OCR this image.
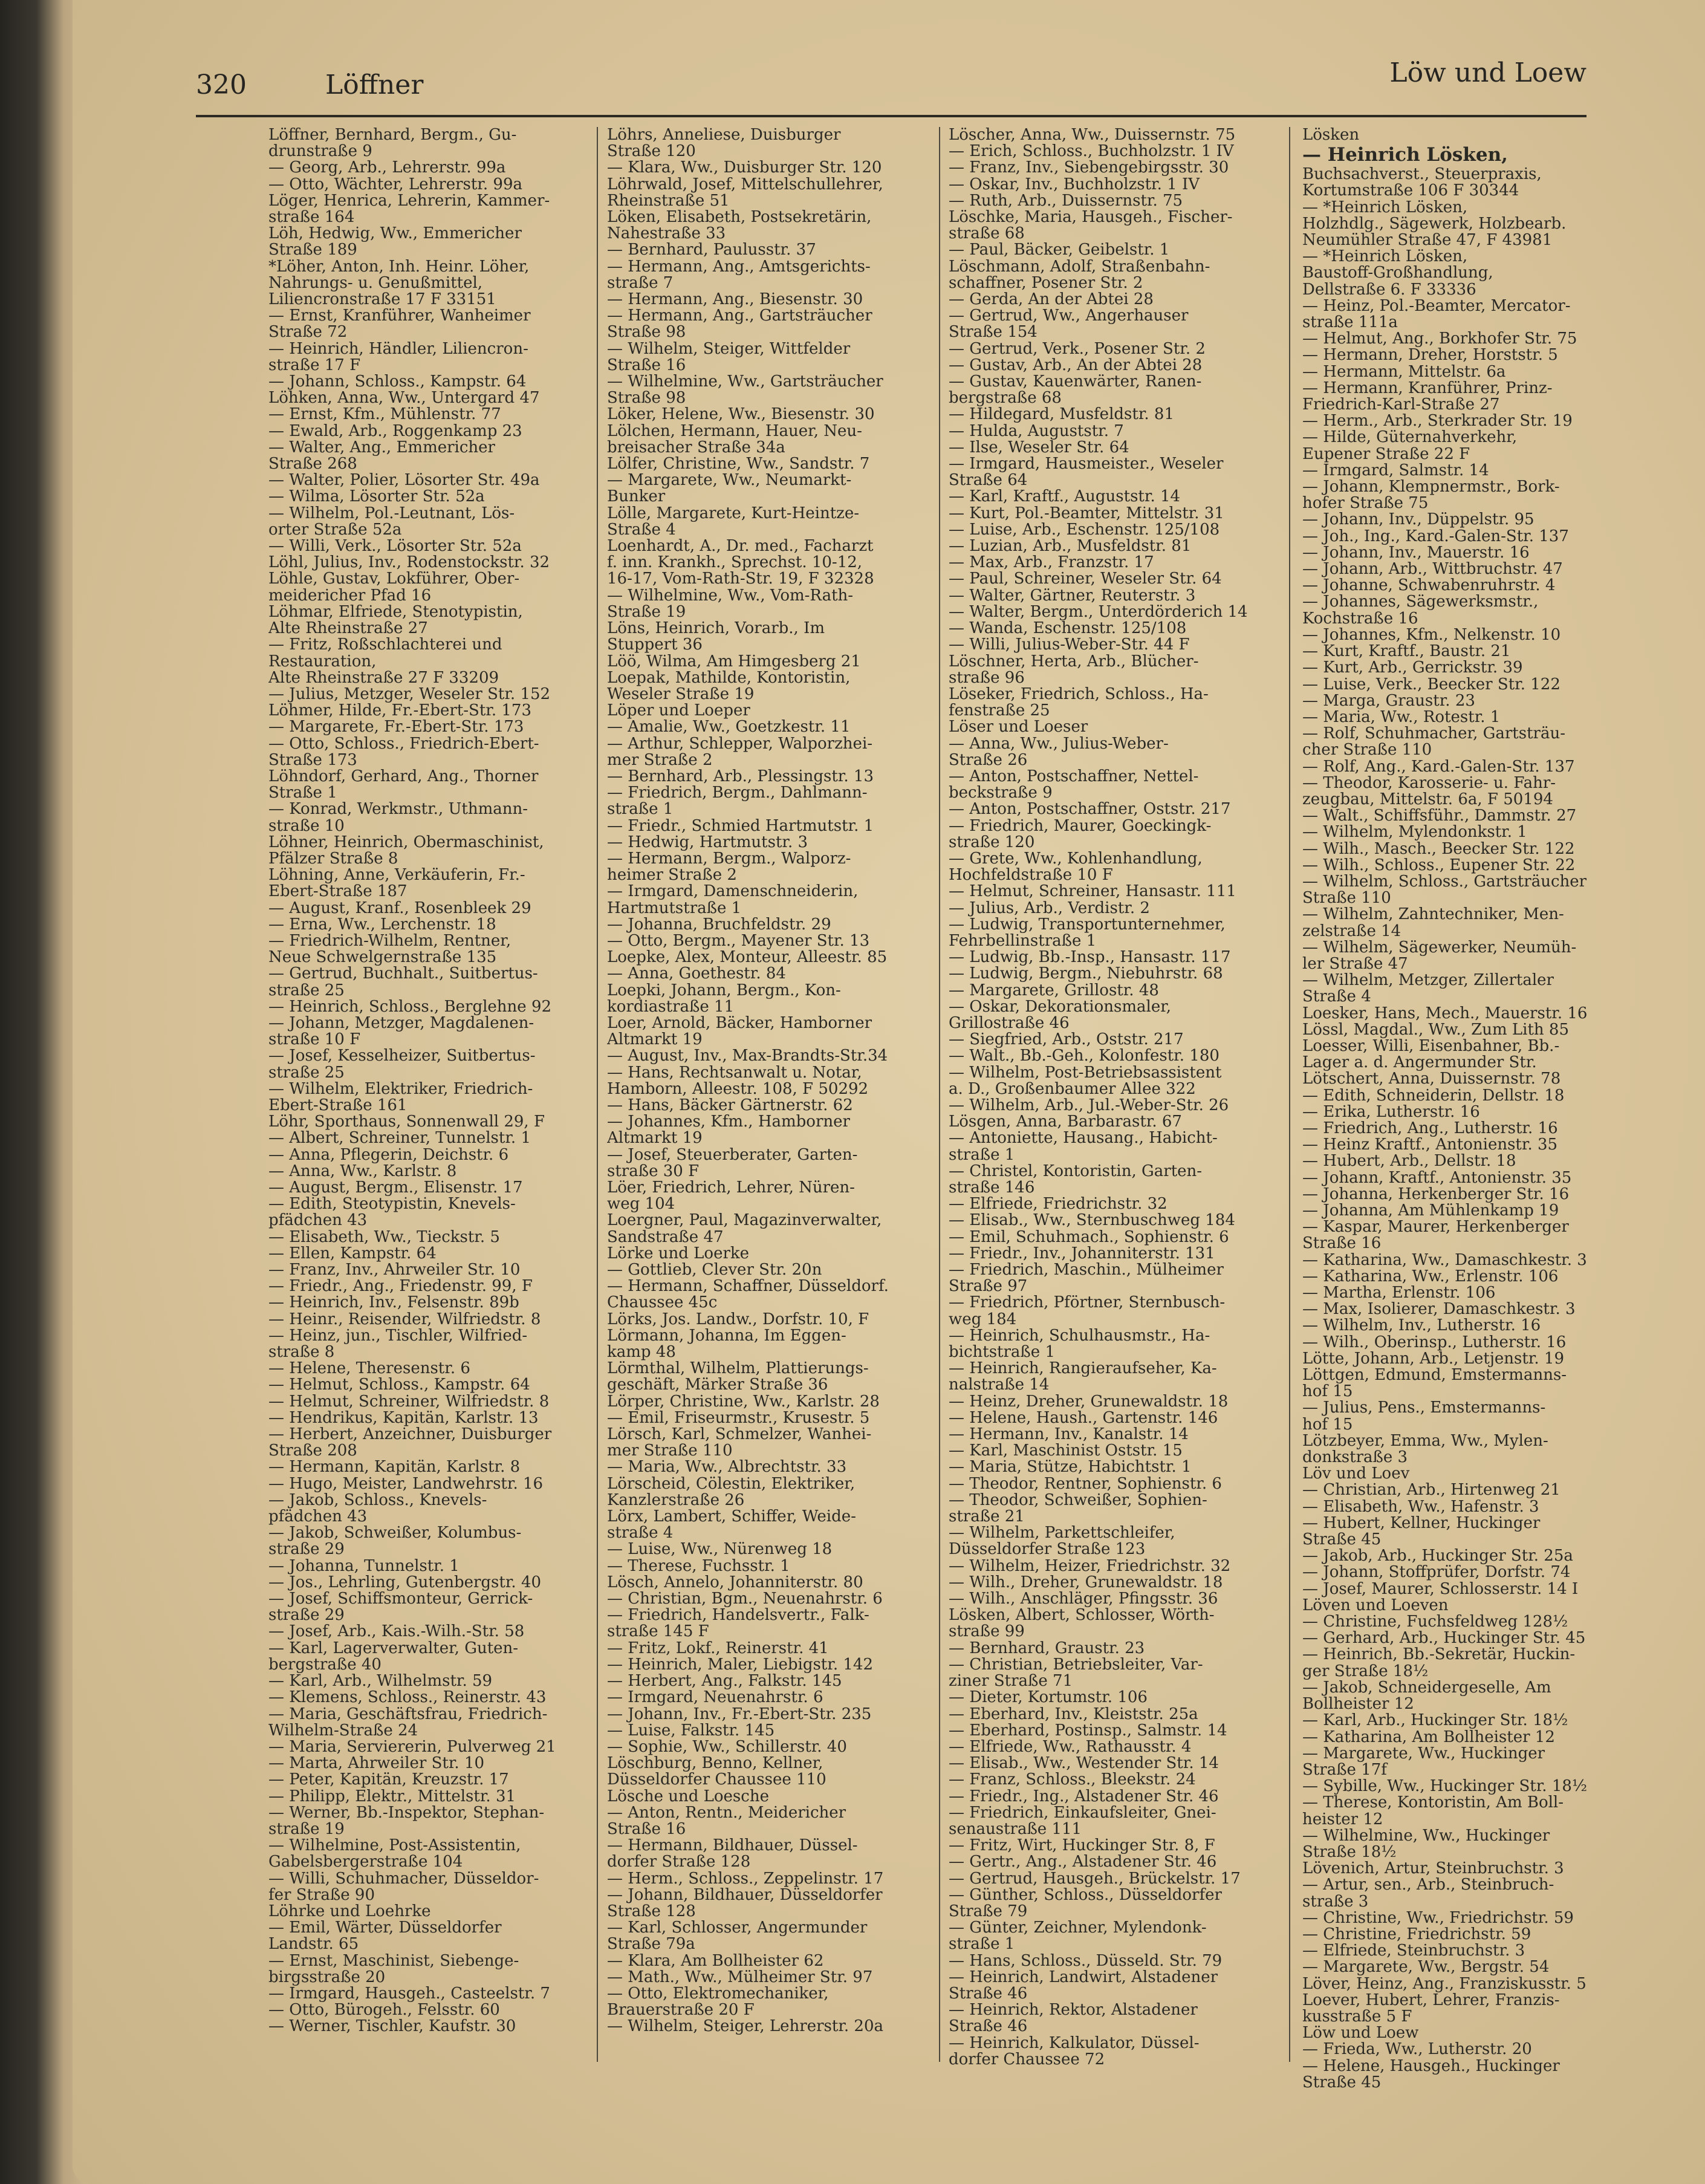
320	Löffner	Löw und Loew
Löffner, Bernhard, Bergm., Gu-
drunstraße 9
— Georg, Arb., Lehrerstr. 99a
— Otto, Wächter, Lehrerstr. 99a
Löger, Henrica, Lehrerin, Kammer-
straße 164
Löh, Hedwig, Ww., Emmericher
Straße 189
*Löher, Anton, Inh. Heinr. Löher,
Nahrungs- u. Genußmittel,
Liliencronstraße 17 F 33151
— Ernst, Kranführer, Wanheimer
Straße 72
— Heinrich, Händler, Liliencron-
straße 17 F
— Johann, Schloss., Kampstr. 64
Löhken, Anna, Ww., Untergard 47
— Ernst, Kfm., Mühlenstr. 77
— Ewald, Arb., Roggenkamp 23
— Walter, Ang., Emmericher
Straße 268
— Walter, Polier, Lösorter Str. 49a
— Wilma, Lösorter Str. 52a
— Wilhelm, Pol.-Leutnant, Lös-
orter Straße 52a
— Willi, Verk., Lösorter Str. 52a
Löhl, Julius, Inv., Rodenstockstr. 32
Löhle, Gustav, Lokführer, Ober-
meidericher Pfad 16
Löhmar, Elfriede, Stenotypistin,
Alte Rheinstraße 27
— Fritz, Roßschlachterei und
Restauration,
Alte Rheinstraße 27 F 33209
— Julius, Metzger, Weseler Str. 152
Löhmer, Hilde, Fr.-Ebert-Str. 173
— Margarete, Fr.-Ebert-Str. 173
— Otto, Schloss., Friedrich-Ebert-
Straße 173
Löhndorf, Gerhard, Ang., Thorner
Straße 1
— Konrad, Werkmstr., Uthmann-
straße 10
Löhner, Heinrich, Obermaschinist,
Pfälzer Straße 8
Löhning, Anne, Verkäuferin, Fr.-
Ebert-Straße 187
— August, Kranf., Rosenbleek 29
— Erna, Ww., Lerchenstr. 18
— Friedrich-Wilhelm, Rentner,
Neue Schwelgernstraße 135
— Gertrud, Buchhalt., Suitbertus-
straße 25
— Heinrich, Schloss., Berglehne 92
— Johann, Metzger, Magdalenen-
straße 10 F
— Josef, Kesselheizer, Suitbertus-
straße 25
— Wilhelm, Elektriker, Friedrich-
Ebert-Straße 161
Löhr, Sporthaus, Sonnenwall 29, F
— Albert, Schreiner, Tunnelstr. 1
— Anna, Pflegerin, Deichstr. 6
— Anna, Ww., Karlstr. 8
— August, Bergm., Elisenstr. 17
— Edith, Steotypistin, Knevels-
pfädchen 43
— Elisabeth, Ww., Tieckstr. 5
— Ellen, Kampstr. 64
— Franz, Inv., Ahrweiler Str. 10
— Friedr., Ang., Friedenstr. 99, F
— Heinrich, Inv., Felsenstr. 89b
— Heinr., Reisender, Wilfriedstr. 8
— Heinz, jun., Tischler, Wilfried-
straße 8
— Helene, Theresenstr. 6
— Helmut, Schloss., Kampstr. 64
— Helmut, Schreiner, Wilfriedstr. 8
— Hendrikus, Kapitän, Karlstr. 13
— Herbert, Anzeichner, Duisburger
Straße 208
— Hermann, Kapitän, Karlstr. 8
— Hugo, Meister, Landwehrstr. 16
— Jakob, Schloss., Knevels-
pfädchen 43
— Jakob, Schweißer, Kolumbus-
straße 29
— Johanna, Tunnelstr. 1
— Jos., Lehrling, Gutenbergstr. 40
— Josef, Schiffsmonteur, Gerrick-
straße 29
— Josef, Arb., Kais.-Wilh.-Str. 58
— Karl, Lagerverwalter, Guten-
bergstraße 40
— Karl, Arb., Wilhelmstr. 59
— Klemens, Schloss., Reinerstr. 43
— Maria, Geschäftsfrau, Friedrich-
Wilhelm-Straße 24
— Maria, Serviererin, Pulverweg 21
— Marta, Ahrweiler Str. 10
— Peter, Kapitän, Kreuzstr. 17
— Philipp, Elektr., Mittelstr. 31
— Werner, Bb.-Inspektor, Stephan-
straße 19
— Wilhelmine, Post-Assistentin,
Gabelsbergerstraße 104
— Willi, Schuhmacher, Düsseldor-
fer Straße 90
Löhrke und Loehrke
— Emil, Wärter, Düsseldorfer
Landstr. 65
— Ernst, Maschinist, Siebenge-
birgsstraße 20
— Irmgard, Hausgeh., Casteelstr. 7
— Otto, Bürogeh., Felsstr. 60
— Werner, Tischler, Kaufstr. 30
Löhrs, Anneliese, Duisburger
Straße 120
— Klara, Ww., Duisburger Str. 120
Löhrwald, Josef, Mittelschullehrer,
Rheinstraße 51
Löken, Elisabeth, Postsekretärin,
Nahestraße 33
— Bernhard, Paulusstr. 37
— Hermann, Ang., Amtsgerichts-
straße 7
— Hermann, Ang., Biesenstr. 30
— Hermann, Ang., Gartsträucher
Straße 98
— Wilhelm, Steiger, Wittfelder
Straße 16
— Wilhelmine, Ww., Gartsträucher
Straße 98
Löker, Helene, Ww., Biesenstr. 30
Lölchen, Hermann, Hauer, Neu-
breisacher Straße 34a
Lölfer, Christine, Ww., Sandstr. 7
— Margarete, Ww., Neumarkt-
Bunker
Lölle, Margarete, Kurt-Heintze-
Straße 4
Loenhardt, A., Dr. med., Facharzt
f. inn. Krankh., Sprechst. 10-12,
16-17, Vom-Rath-Str. 19, F 32328
— Wilhelmine, Ww., Vom-Rath-
Straße 19
Löns, Heinrich, Vorarb., Im
Stuppert 36
Löö, Wilma, Am Himgesberg 21
Loepak, Mathilde, Kontoristin,
Weseler Straße 19
Löper und Loeper
— Amalie, Ww., Goetzkestr. 11
— Arthur, Schlepper, Walporzhei-
mer Straße 2
— Bernhard, Arb., Plessingstr. 13
— Friedrich, Bergm., Dahlmann-
straße 1
— Friedr., Schmied Hartmutstr. 1
— Hedwig, Hartmutstr. 3
— Hermann, Bergm., Walporz-
heimer Straße 2
— Irmgard, Damenschneiderin,
Hartmutstraße 1
— Johanna, Bruchfeldstr. 29
— Otto, Bergm., Mayener Str. 13
Loepke, Alex, Monteur, Alleestr. 85
— Anna, Goethestr. 84
Loepki, Johann, Bergm., Kon-
kordiastraße 11
Loer, Arnold, Bäcker, Hamborner
Altmarkt 19
— August, Inv., Max-Brandts-Str.34
— Hans, Rechtsanwalt u. Notar,
Hamborn, Alleestr. 108, F 50292
— Hans, Bäcker Gärtnerstr. 62
— Johannes, Kfm., Hamborner
Altmarkt 19
— Josef, Steuerberater, Garten-
straße 30 F
Löer, Friedrich, Lehrer, Nüren-
weg 104
Loergner, Paul, Magazinverwalter,
Sandstraße 47
Lörke und Loerke
— Gottlieb, Clever Str. 20n
— Hermann, Schaffner, Düsseldorf.
Chaussee 45c
Lörks, Jos. Landw., Dorfstr. 10, F
Lörmann, Johanna, Im Eggen-
kamp 48
Lörmthal, Wilhelm, Plattierungs-
geschäft, Märker Straße 36
Lörper, Christine, Ww., Karlstr. 28
— Emil, Friseurmstr., Krusestr. 5
Lörsch, Karl, Schmelzer, Wanhei-
mer Straße 110
— Maria, Ww., Albrechtstr. 33
Lörscheid, Cölestin, Elektriker,
Kanzlerstraße 26
Lörx, Lambert, Schiffer, Weide-
straße 4
— Luise, Ww., Nürenweg 18
— Therese, Fuchsstr. 1
Lösch, Annelo, Johanniterstr. 80
— Christian, Bgm., Neuenahrstr. 6
— Friedrich, Handelsvertr., Falk-
straße 145 F
— Fritz, Lokf., Reinerstr. 41
— Heinrich, Maler, Liebigstr. 142
— Herbert, Ang., Falkstr. 145
— Irmgard, Neuenahrstr. 6
— Johann, Inv., Fr.-Ebert-Str. 235
— Luise, Falkstr. 145
— Sophie, Ww., Schillerstr. 40
Löschburg, Benno, Kellner,
Düsseldorfer Chaussee 110
Lösche und Loesche
— Anton, Rentn., Meidericher
Straße 16
— Hermann, Bildhauer, Düssel-
dorfer Straße 128
— Herm., Schloss., Zeppelinstr. 17
— Johann, Bildhauer, Düsseldorfer
Straße 128
— Karl, Schlosser, Angermunder
Straße 79a
— Klara, Am Bollheister 62
— Math., Ww., Mülheimer Str. 97
— Otto, Elektromechaniker,
Brauerstraße 20 F
— Wilhelm, Steiger, Lehrerstr. 20a
Löscher, Anna, Ww., Duissernstr. 75
— Erich, Schloss., Buchholzstr. 1 IV
— Franz, Inv., Siebengebirgsstr. 30
— Oskar, Inv., Buchholzstr. 1 IV
— Ruth, Arb., Duissernstr. 75
Löschke, Maria, Hausgeh., Fischer-
straße 68
— Paul, Bäcker, Geibelstr. 1
Löschmann, Adolf, Straßenbahn-
schaffner, Posener Str. 2
— Gerda, An der Abtei 28
— Gertrud, Ww., Angerhauser
Straße 154
— Gertrud, Verk., Posener Str. 2
— Gustav, Arb., An der Abtei 28
— Gustav, Kauenwärter, Ranen-
bergstraße 68
— Hildegard, Musfeldstr. 81
— Hulda, Auguststr. 7
— Ilse, Weseler Str. 64
— Irmgard, Hausmeister., Weseler
Straße 64
— Karl, Kraftf., Auguststr. 14
— Kurt, Pol.-Beamter, Mittelstr. 31
— Luise, Arb., Eschenstr. 125/108
— Luzian, Arb., Musfeldstr. 81
— Max, Arb., Franzstr. 17
— Paul, Schreiner, Weseler Str. 64
— Walter, Gärtner, Reuterstr. 3
— Walter, Bergm., Unterdörderich 14
— Wanda, Eschenstr. 125/108
— Willi, Julius-Weber-Str. 44 F
Löschner, Herta, Arb., Blücher-
straße 96
Löseker, Friedrich, Schloss., Ha-
fenstraße 25
Löser und Loeser
— Anna, Ww., Julius-Weber-
Straße 26
— Anton, Postschaffner, Nettel-
beckstraße 9
— Anton, Postschaffner, Oststr. 217
— Friedrich, Maurer, Goeckingk-
straße 120
— Grete, Ww., Kohlenhandlung,
Hochfeldstraße 10 F
— Helmut, Schreiner, Hansastr. 111
— Julius, Arb., Verdistr. 2
— Ludwig, Transportunternehmer,
Fehrbellinstraße 1
— Ludwig, Bb.-Insp., Hansastr. 117
— Ludwig, Bergm., Niebuhrstr. 68
— Margarete, Grillostr. 48
— Oskar, Dekorationsmaler,
Grillostraße 46
— Siegfried, Arb., Oststr. 217
— Walt., Bb.-Geh., Kolonfestr. 180
— Wilhelm, Post-Betriebsassistent
a. D., Großenbaumer Allee 322
— Wilhelm, Arb., Jul.-Weber-Str. 26
Lösgen, Anna, Barbarastr. 67
— Antoniette, Hausang., Habicht-
straße 1
— Christel, Kontoristin, Garten-
straße 146
— Elfriede, Friedrichstr. 32
— Elisab., Ww., Sternbuschweg 184
— Emil, Schuhmach., Sophienstr. 6
— Friedr., Inv., Johanniterstr. 131
— Friedrich, Maschin., Mülheimer
Straße 97
— Friedrich, Pförtner, Sternbusch-
weg 184
— Heinrich, Schulhausmstr., Ha-
bichtstraße 1
— Heinrich, Rangieraufseher, Ka-
nalstraße 14
— Heinz, Dreher, Grunewaldstr. 18
— Helene, Haush., Gartenstr. 146
— Hermann, Inv., Kanalstr. 14
— Karl, Maschinist Oststr. 15
— Maria, Stütze, Habichtstr. 1
— Theodor, Rentner, Sophienstr. 6
— Theodor, Schweißer, Sophien-
straße 21
— Wilhelm, Parkettschleifer,
Düsseldorfer Straße 123
— Wilhelm, Heizer, Friedrichstr. 32
— Wilh., Dreher, Grunewaldstr. 18
— Wilh., Anschläger, Pfingsstr. 36
Lösken, Albert, Schlosser, Wörth-
straße 99
— Bernhard, Graustr. 23
— Christian, Betriebsleiter, Var-
ziner Straße 71
— Dieter, Kortumstr. 106
— Eberhard, Inv., Kleiststr. 25a
— Eberhard, Postinsp., Salmstr. 14
— Elfriede, Ww., Rathausstr. 4
— Elisab., Ww., Westender Str. 14
— Franz, Schloss., Bleekstr. 24
— Friedr., Ing., Alstadener Str. 46
— Friedrich, Einkaufsleiter, Gnei-
senaustraße 111
— Fritz, Wirt, Huckinger Str. 8, F
— Gertr., Ang., Alstadener Str. 46
— Gertrud, Hausgeh., Brückelstr. 17
— Günther, Schloss., Düsseldorfer
Straße 79
— Günter, Zeichner, Mylendonk-
straße 1
— Hans, Schloss., Düsseld. Str. 79
— Heinrich, Landwirt, Alstadener
Straße 46
— Heinrich, Rektor, Alstadener
Straße 46
— Heinrich, Kalkulator, Düssel-
dorfer Chaussee 72
Lösken
— Heinrich Lösken,
Buchsachverst., Steuerpraxis,
Kortumstraße 106 F 30344
— *Heinrich Lösken,
Holzhdlg., Sägewerk, Holzbearb.
Neumühler Straße 47, F 43981
— *Heinrich Lösken,
Baustoff-Großhandlung,
Dellstraße 6. F 33336
— Heinz, Pol.-Beamter, Mercator-
straße 111a
— Helmut, Ang., Borkhofer Str. 75
— Hermann, Dreher, Horststr. 5
— Hermann, Mittelstr. 6a
— Hermann, Kranführer, Prinz-
Friedrich-Karl-Straße 27
— Herm., Arb., Sterkrader Str. 19
— Hilde, Güternahverkehr,
Eupener Straße 22 F
— Irmgard, Salmstr. 14
— Johann, Klempnermstr., Bork-
hofer Straße 75
— Johann, Inv., Düppelstr. 95
— Joh., Ing., Kard.-Galen-Str. 137
— Johann, Inv., Mauerstr. 16
— Johann, Arb., Wittbruchstr. 47
— Johanne, Schwabenruhrstr. 4
— Johannes, Sägewerksmstr.,
Kochstraße 16
— Johannes, Kfm., Nelkenstr. 10
— Kurt, Kraftf., Baustr. 21
— Kurt, Arb., Gerrickstr. 39
— Luise, Verk., Beecker Str. 122
— Marga, Graustr. 23
— Maria, Ww., Rotestr. 1
— Rolf, Schuhmacher, Gartsträu-
cher Straße 110
— Rolf, Ang., Kard.-Galen-Str. 137
— Theodor, Karosserie- u. Fahr-
zeugbau, Mittelstr. 6a, F 50194
— Walt., Schiffsführ., Dammstr. 27
— Wilhelm, Mylendonkstr. 1
— Wilh., Masch., Beecker Str. 122
— Wilh., Schloss., Eupener Str. 22
— Wilhelm, Schloss., Gartsträucher
Straße 110
— Wilhelm, Zahntechniker, Men-
zelstraße 14
— Wilhelm, Sägewerker, Neumüh-
ler Straße 47
— Wilhelm, Metzger, Zillertaler
Straße 4
Loesker, Hans, Mech., Mauerstr. 16
Lössl, Magdal., Ww., Zum Lith 85
Loesser, Willi, Eisenbahner, Bb.-
Lager a. d. Angermunder Str.
Lötschert, Anna, Duissernstr. 78
— Edith, Schneiderin, Dellstr. 18
— Erika, Lutherstr. 16
— Friedrich, Ang., Lutherstr. 16
— Heinz Kraftf., Antonienstr. 35
— Hubert, Arb., Dellstr. 18
— Johann, Kraftf., Antonienstr. 35
— Johanna, Herkenberger Str. 16
— Johanna, Am Mühlenkamp 19
— Kaspar, Maurer, Herkenberger
Straße 16
— Katharina, Ww., Damaschkestr. 3
— Katharina, Ww., Erlenstr. 106
— Martha, Erlenstr. 106
— Max, Isolierer, Damaschkestr. 3
— Wilhelm, Inv., Lutherstr. 16
— Wilh., Oberinsp., Lutherstr. 16
Lötte, Johann, Arb., Letjenstr. 19
Löttgen, Edmund, Emstermanns-
hof 15
— Julius, Pens., Emstermanns-
hof 15
Lötzbeyer, Emma, Ww., Mylen-
donkstraße 3
Löv und Loev
— Christian, Arb., Hirtenweg 21
— Elisabeth, Ww., Hafenstr. 3
— Hubert, Kellner, Huckinger
Straße 45
— Jakob, Arb., Huckinger Str. 25a
— Johann, Stoffprüfer, Dorfstr. 74
— Josef, Maurer, Schlosserstr. 14 I
Löven und Loeven
— Christine, Fuchsfeldweg 128½
— Gerhard, Arb., Huckinger Str. 45
— Heinrich, Bb.-Sekretär, Huckin-
ger Straße 18½
— Jakob, Schneidergeselle, Am
Bollheister 12
— Karl, Arb., Huckinger Str. 18½
— Katharina, Am Bollheister 12
— Margarete, Ww., Huckinger
Straße 17f
— Sybille, Ww., Huckinger Str. 18½
— Therese, Kontoristin, Am Boll-
heister 12
— Wilhelmine, Ww., Huckinger
Straße 18½
Lövenich, Artur, Steinbruchstr. 3
— Artur, sen., Arb., Steinbruch-
straße 3
— Christine, Ww., Friedrichstr. 59
— Christine, Friedrichstr. 59
— Elfriede, Steinbruchstr. 3
— Margarete, Ww., Bergstr. 54
Löver, Heinz, Ang., Franziskusstr. 5
Loever, Hubert, Lehrer, Franzis-
kusstraße 5 F
Löw und Loew
— Frieda, Ww., Lutherstr. 20
— Helene, Hausgeh., Huckinger
Straße 45
